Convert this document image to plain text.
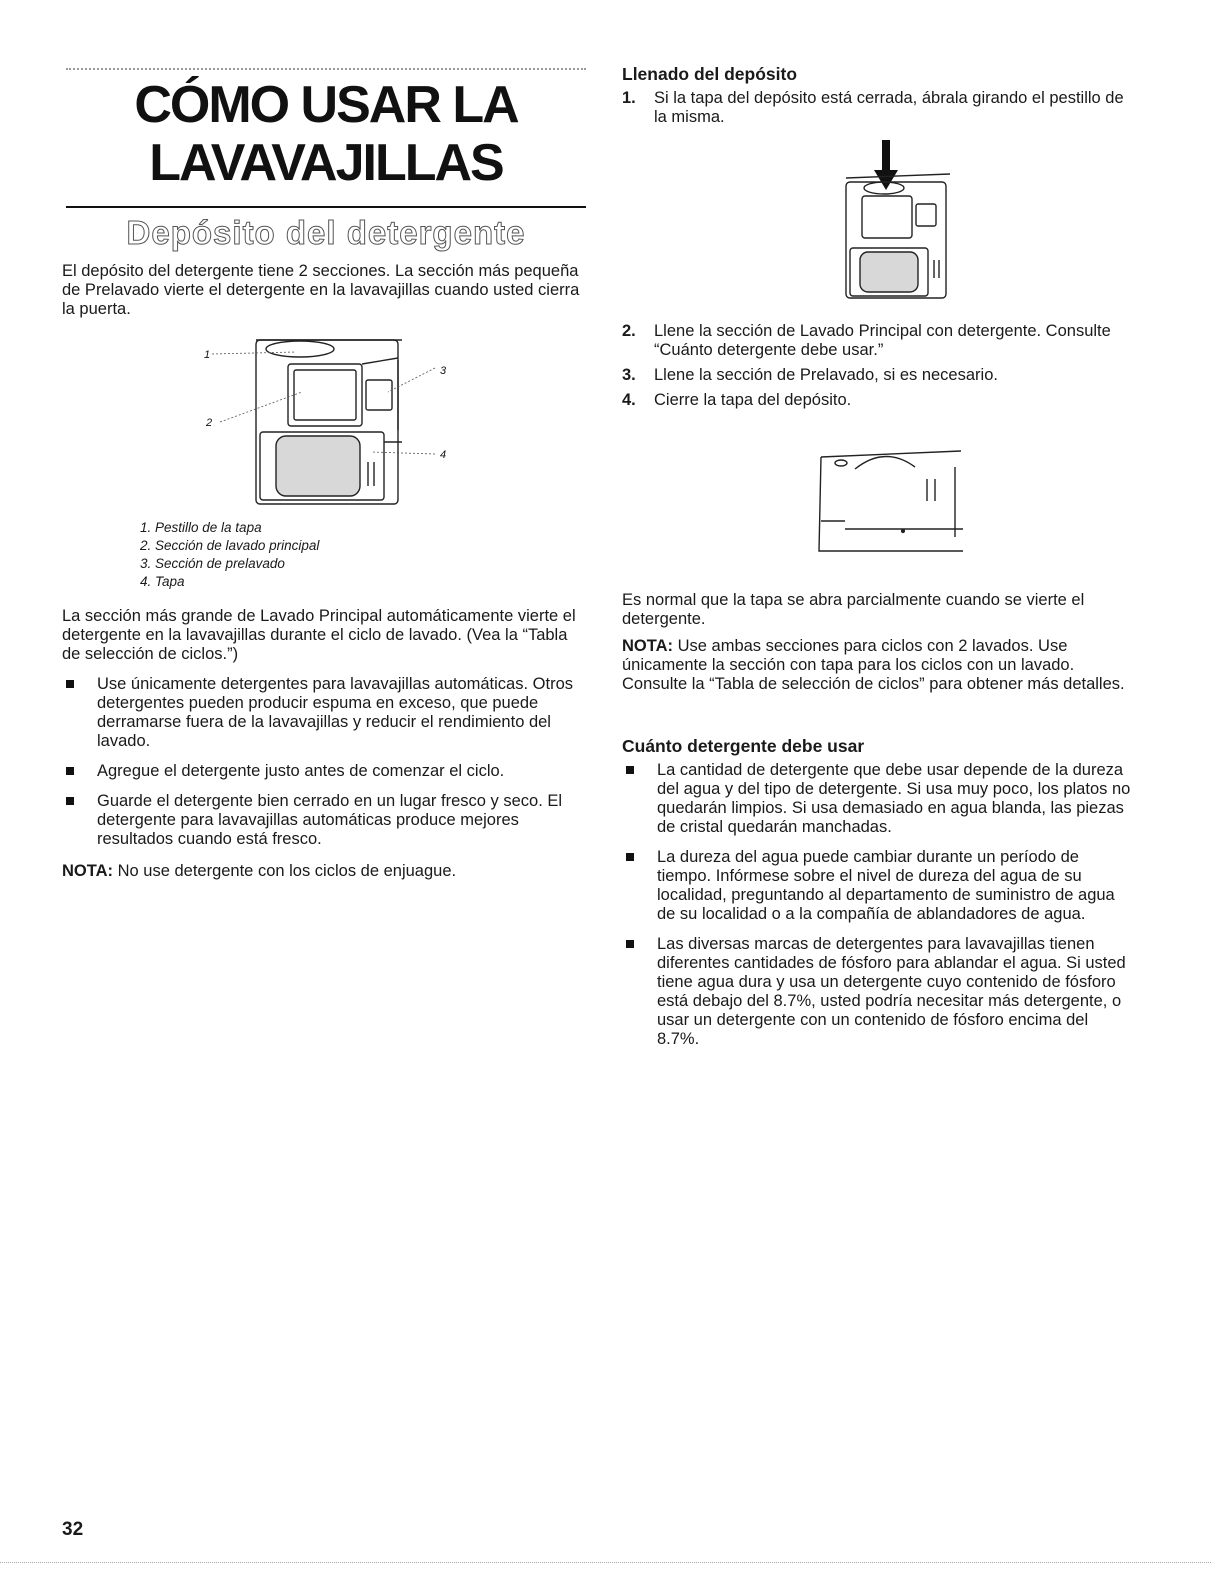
CÓMO USAR LA
LAVAVAJILLAS
Depósito del detergente
El depósito del detergente tiene 2 secciones. La sección más pequeña de Prelavado vierte el detergente en la lavavajillas cuando usted cierra la puerta.
1
2
3
4
1. Pestillo de la tapa
2. Sección de lavado principal
3. Sección de prelavado
4. Tapa
La sección más grande de Lavado Principal automáticamente vierte el detergente en la lavavajillas durante el ciclo de lavado. (Vea la “Tabla de selección de ciclos.”)
Use únicamente detergentes para lavavajillas automáticas. Otros detergentes pueden producir espuma en exceso, que puede derramarse fuera de la lavavajillas y reducir el rendimiento del lavado.
Agregue el detergente justo antes de comenzar el ciclo.
Guarde el detergente bien cerrado en un lugar fresco y seco. El detergente para lavavajillas automáticas produce mejores resultados cuando está fresco.
NOTA: No use detergente con los ciclos de enjuague.
Llenado del depósito
1. Si la tapa del depósito está cerrada, ábrala girando el pestillo de la misma.
2. Llene la sección de Lavado Principal con detergente. Consulte “Cuánto detergente debe usar.”
3. Llene la sección de Prelavado, si es necesario.
4. Cierre la tapa del depósito.
Es normal que la tapa se abra parcialmente cuando se vierte el detergente.
NOTA: Use ambas secciones para ciclos con 2 lavados. Use únicamente la sección con tapa para los ciclos con un lavado. Consulte la “Tabla de selección de ciclos” para obtener más detalles.
Cuánto detergente debe usar
La cantidad de detergente que debe usar depende de la dureza del agua y del tipo de detergente. Si usa muy poco, los platos no quedarán limpios. Si usa demasiado en agua blanda, las piezas de cristal quedarán manchadas.
La dureza del agua puede cambiar durante un período de tiempo. Infórmese sobre el nivel de dureza del agua de su localidad, preguntando al departamento de suministro de agua de su localidad o a la compañía de ablandadores de agua.
Las diversas marcas de detergentes para lavavajillas tienen diferentes cantidades de fósforo para ablandar el agua. Si usted tiene agua dura y usa un detergente cuyo contenido de fósforo está debajo del 8.7%, usted podría necesitar más detergente, o usar un detergente con un contenido de fósforo encima del 8.7%.
32
